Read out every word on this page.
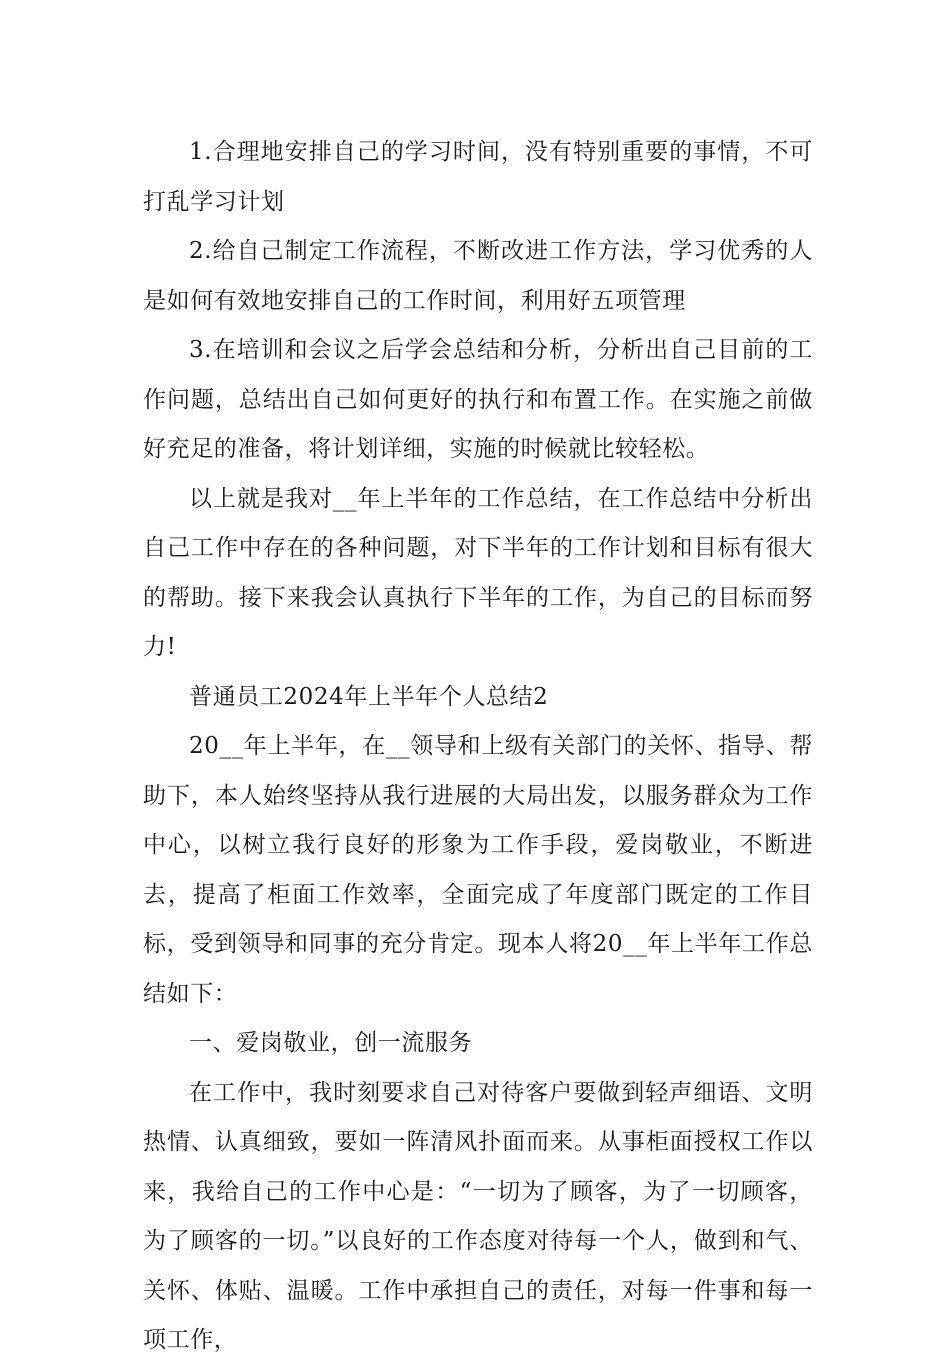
1.合理地安排自己的学习时间，没有特别重要的事情，不可打乱学习计划

2.给自己制定工作流程，不断改进工作方法，学习优秀的人是如何有效地安排自己的工作时间，利用好五项管理

3.在培训和会议之后学会总结和分析，分析出自己目前的工作问题，总结出自己如何更好的执行和布置工作。在实施之前做好充足的准备，将计划详细，实施的时候就比较轻松。

以上就是我对__年上半年的工作总结，在工作总结中分析出自己工作中存在的各种问题，对下半年的工作计划和目标有很大的帮助。接下来我会认真执行下半年的工作，为自己的目标而努力!

普通员工2024年上半年个人总结2

20__年上半年，在__领导和上级有关部门的关怀、指导、帮助下，本人始终坚持从我行进展的大局出发，以服务群众为工作中心，以树立我行良好的形象为工作手段，爱岗敬业，不断进去，提高了柜面工作效率，全面完成了年度部门既定的工作目标，受到领导和同事的充分肯定。现本人将20__年上半年工作总结如下：

一、爱岗敬业，创一流服务

在工作中，我时刻要求自己对待客户要做到轻声细语、文明热情、认真细致，要如一阵清风扑面而来。从事柜面授权工作以来，我给自己的工作中心是：“一切为了顾客，为了一切顾客，为了顾客的一切。”以良好的工作态度对待每一个人，做到和气、关怀、体贴、温暖。工作中承担自己的责任，对每一件事和每一项工作，
